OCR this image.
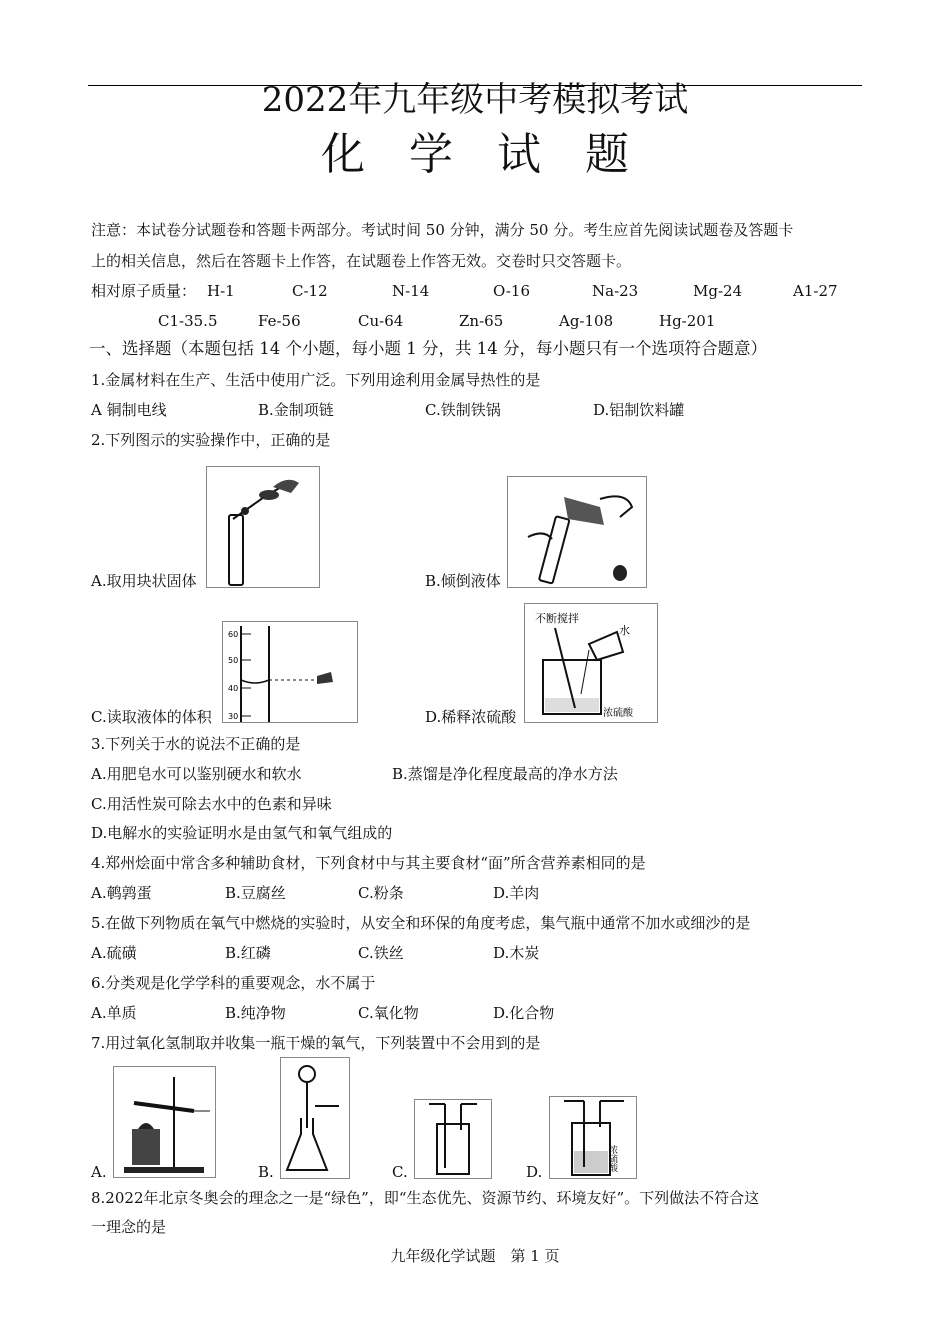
2022年九年级中考模拟考试
化学试题
注意：本试卷分试题卷和答题卡两部分。考试时间 50 分钟，满分 50 分。考生应首先阅读试题卷及答题卡
上的相关信息，然后在答题卡上作答，在试题卷上作答无效。交卷时只交答题卡。
相对原子质量： H-1	C-12	N-14	O-16	Na-23	Mg-24	A1-27
C1-35.5	Fe-56	Cu-64	Zn-65	Ag-108	Hg-201
一、选择题（本题包括 14 个小题，每小题 1 分，共 14 分，每小题只有一个选项符合题意）
1.金属材料在生产、生活中使用广泛。下列用途利用金属导热性的是
A 铜制电线	B.金制项链	C.铁制铁锅	D.铝制饮料罐
2.下列图示的实验操作中，正确的是
A.取用块状固体	B.倾倒液体
60
50
40
30
C.读取液体的体积
不断搅拌
水
浓硫酸
D.稀释浓硫酸
3.下列关于水的说法不正确的是
A.用肥皂水可以鉴别硬水和软水	B.蒸馏是净化程度最高的净水方法
C.用活性炭可除去水中的色素和异味
D.电解水的实验证明水是由氢气和氧气组成的
4.郑州烩面中常含多种辅助食材，下列食材中与其主要食材“面”所含营养素相同的是
A.鹌鹑蛋	B.豆腐丝	C.粉条	D.羊肉
5.在做下列物质在氧气中燃烧的实验时，从安全和环保的角度考虑，集气瓶中通常不加水或细沙的是
A.硫磺	B.红磷	C.铁丝	D.木炭
6.分类观是化学学科的重要观念，水不属于
A.单质	B.纯净物	C.氧化物	D.化合物
7.用过氧化氢制取并收集一瓶干燥的氧气，下列装置中不会用到的是
A.	B.	C.	浓硫酸
D.
8.2022年北京冬奥会的理念之一是“绿色”，即“生态优先、资源节约、环境友好”。下列做法不符合这
一理念的是
九年级化学试题　第 1 页
